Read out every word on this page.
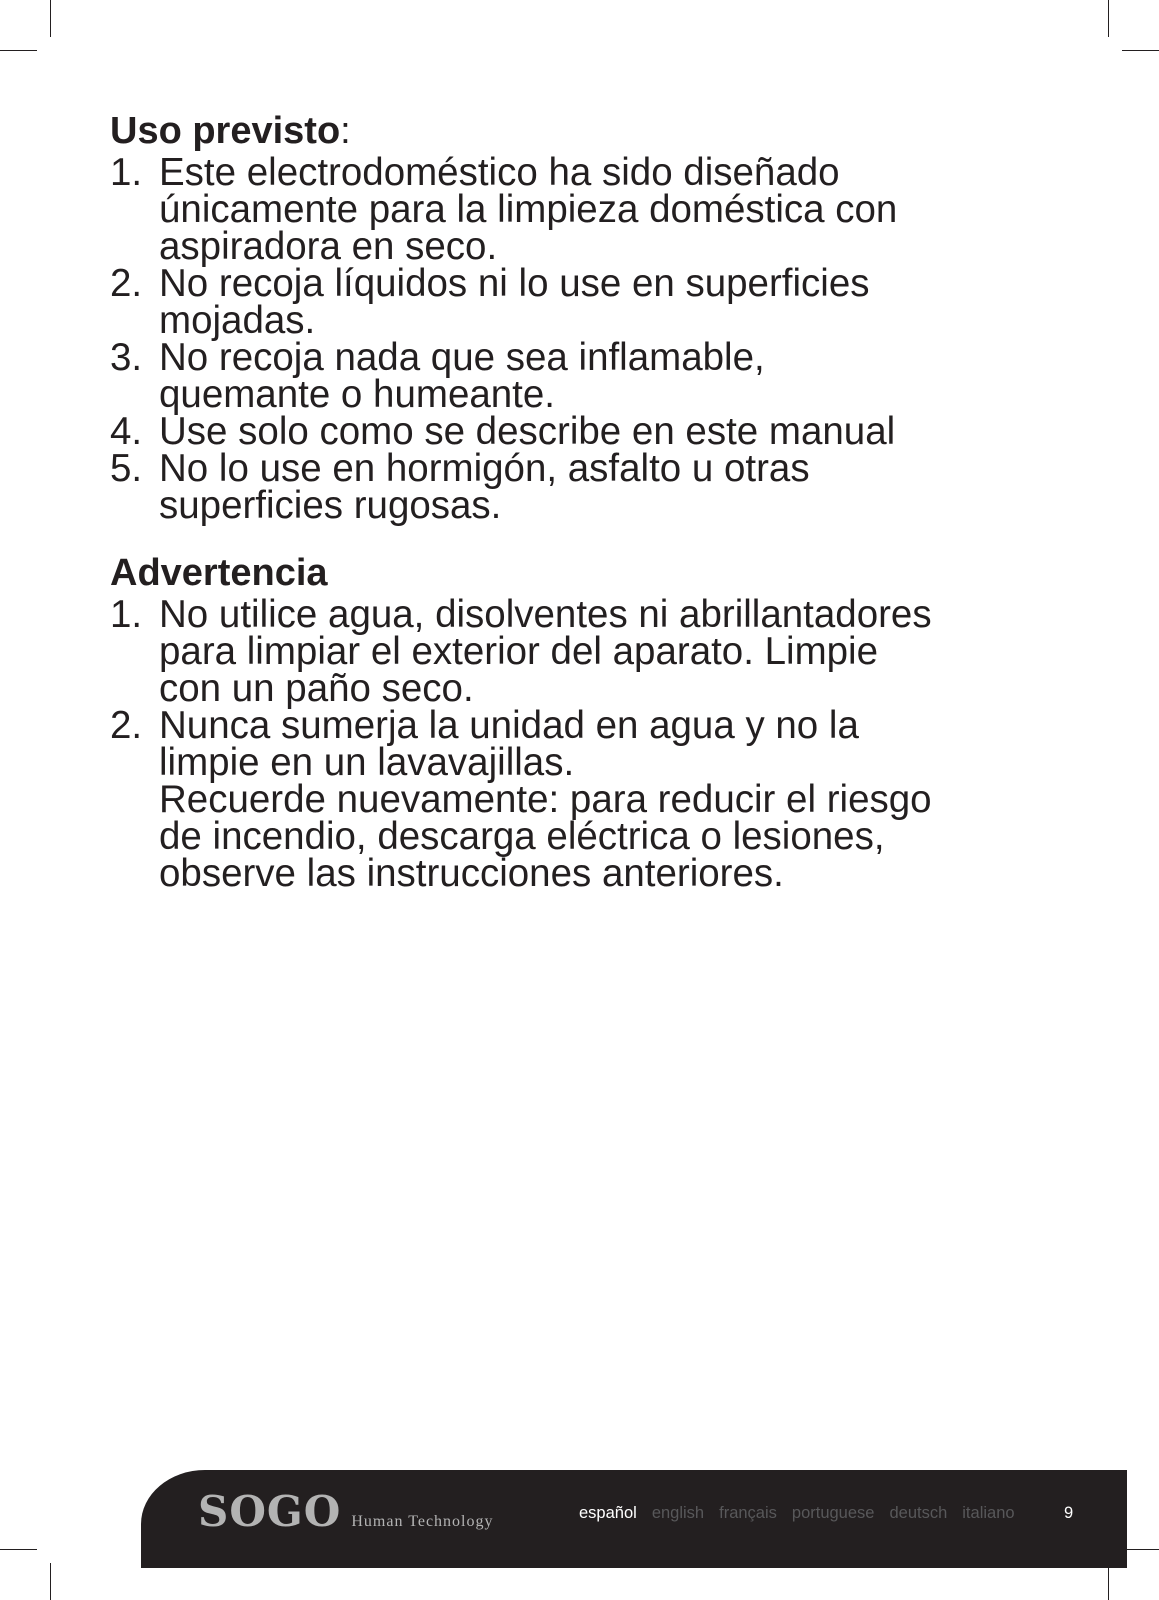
Uso previsto:
1. Este electrodoméstico ha sido diseñado
únicamente para la limpieza doméstica con
aspiradora en seco.
2. No recoja líquidos ni lo use en superficies
mojadas.
3. No recoja nada que sea inflamable,
quemante o humeante.
4. Use solo como se describe en este manual
5. No lo use en hormigón, asfalto u otras
superficies rugosas.
Advertencia
1. No utilice agua, disolventes ni abrillantadores
para limpiar el exterior del aparato. Limpie
con un paño seco.
2. Nunca sumerja la unidad en agua y no la
limpie en un lavavajillas.
Recuerde nuevamente: para reducir el riesgo
de incendio, descarga eléctrica o lesiones,
observe las instrucciones anteriores.
SOGO Human Technology	español english français portuguese deutsch italiano	9
